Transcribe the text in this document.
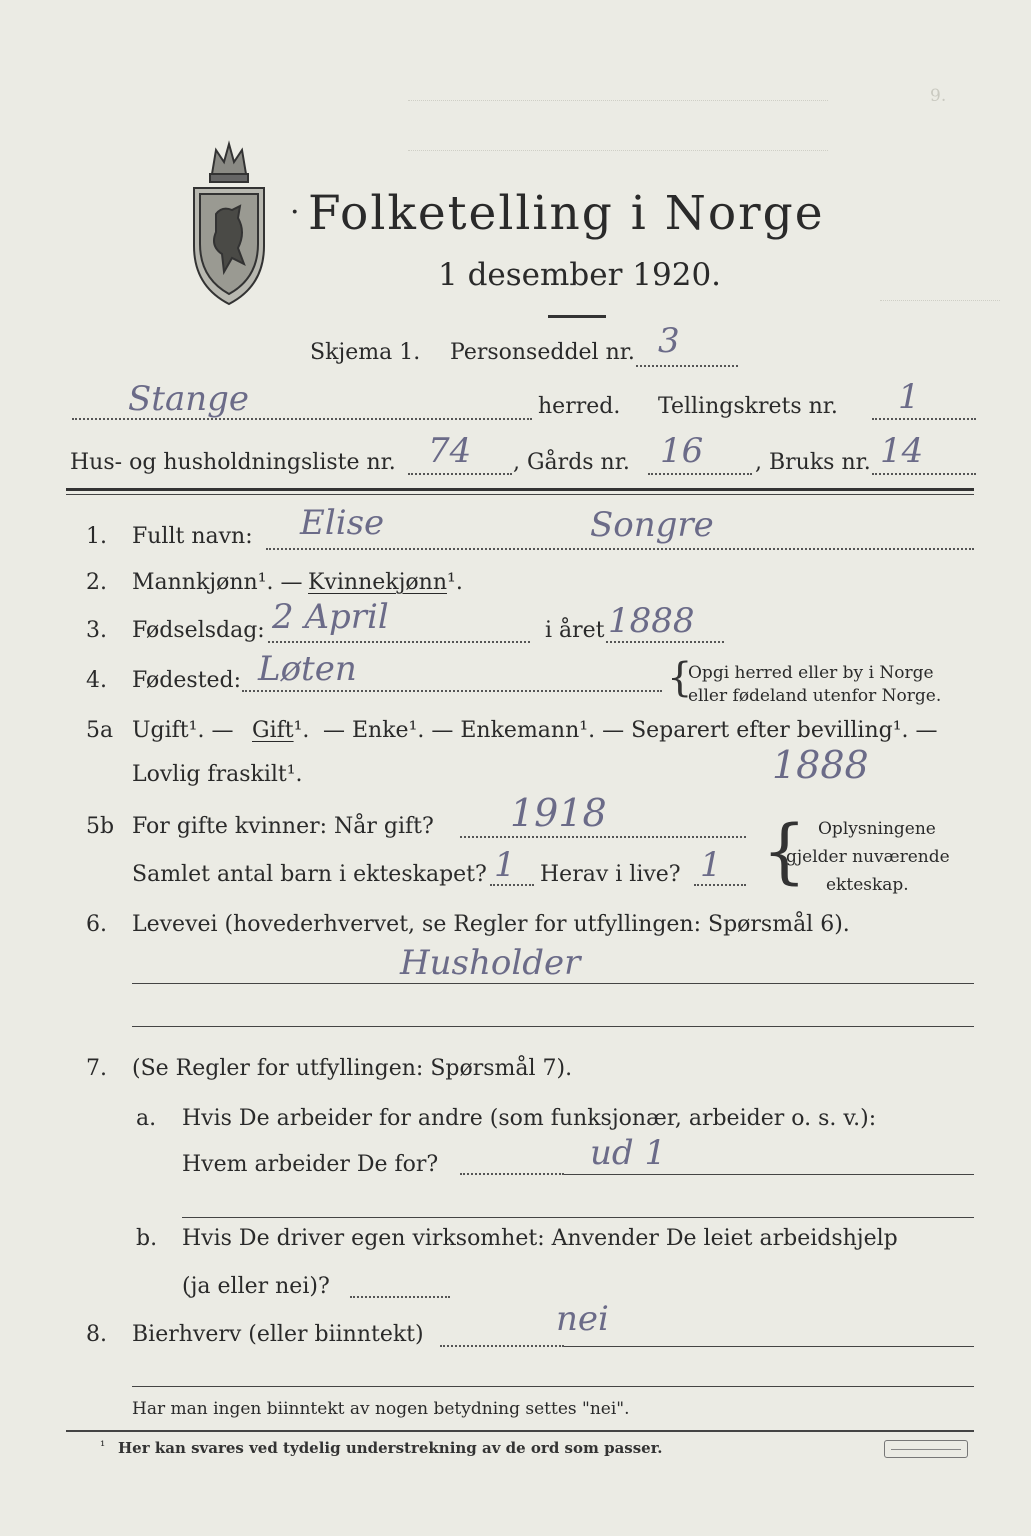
9.
Folketelling i Norge
·
1 desember 1920.
Skjema 1. Personseddel nr. 3
Stange	herred. Tellingskrets nr. 1
Hus- og husholdningsliste nr. 74 , Gårds nr. 16 , Bruks nr. 14
1. Fullt navn: Elise	Songre
2. Mannkjønn¹. — Kvinnekjønn¹.
3. Fødselsdag: 2 April	i året 1888
4. Fødested: Løten	{
Opgi herred eller by i Norge
eller fødeland utenfor Norge.
5a Ugift¹. — Gift¹. — Enke¹. — Enkemann¹. — Separert efter bevilling¹. —
Lovlig fraskilt¹.	1888
5b For gifte kvinner: Når gift? 1918
Samlet antal barn i ekteskapet? 1 Herav i live? 1 { Oplysningene
gjelder nuværende
ekteskap.
6. Levevei (hovederhvervet, se Regler for utfyllingen: Spørsmål 6).
Husholder
7. (Se Regler for utfyllingen: Spørsmål 7).
a. Hvis De arbeider for andre (som funksjonær, arbeider o. s. v.):
Hvem arbeider De for?	ud 1
b. Hvis De driver egen virksomhet: Anvender De leiet arbeidshjelp
(ja eller nei)?
8. Bierhverv (eller biinntekt)	nei
Har man ingen biinntekt av nogen betydning settes "nei".
¹ Her kan svares ved tydelig understrekning av de ord som passer.
